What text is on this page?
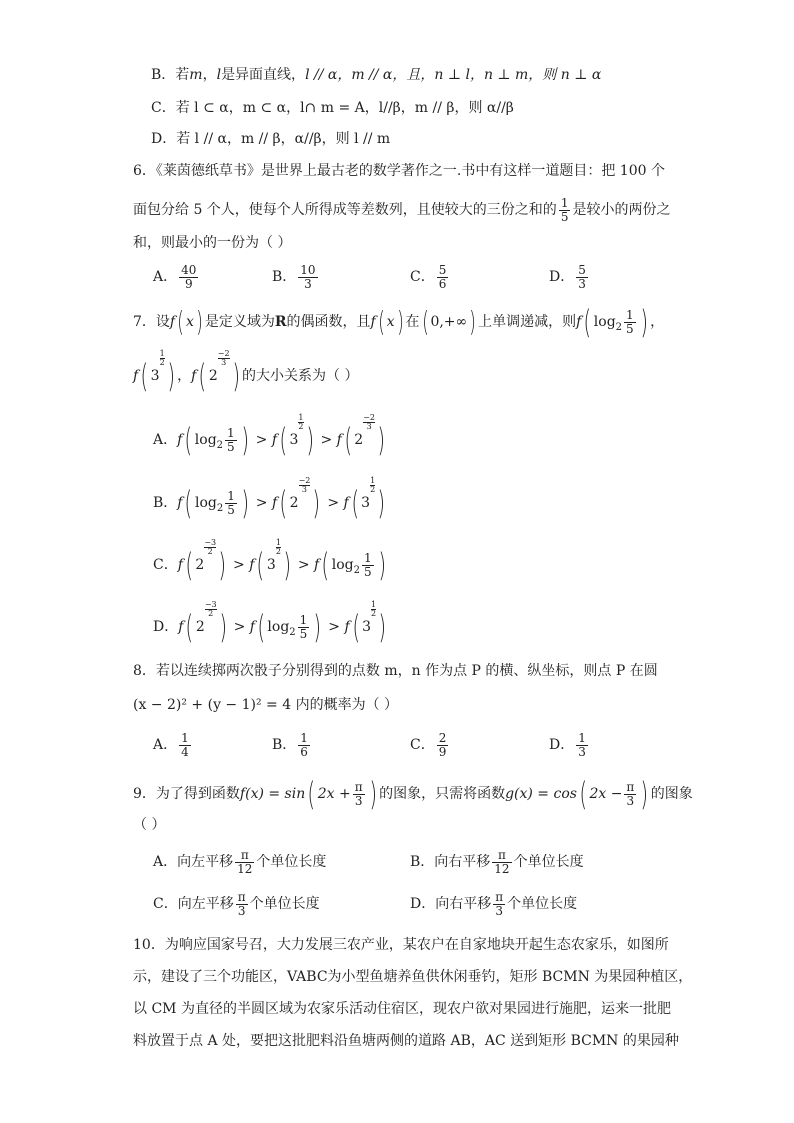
B．若m，l是异面直线，l // α，m // α，且，n ⊥ l，n ⊥ m，则 n ⊥ α
C．若 l ⊂ α，m ⊂ α，l∩ m = A，l//β，m // β，则 α//β
D．若 l // α，m // β，α//β，则 l // m
6．《莱茵德纸草书》是世界上最古老的数学著作之一.书中有这样一道题目：把 100 个
面包分给 5 个人，使每个人所得成等差数列，且使较大的三份之和的 $\frac{1}{5}$ 是较小的两份之
和，则最小的一份为（ ）
A． $\frac{40}{9}$	B． $\frac{10}{3}$	C． $\frac{5}{6}$	D． $\frac{5}{3}$
7．设f( x) 是定义域为R的偶函数，且f( x) 在( 0,+∞) 上单调递减，则f( $\log_2 \frac{1}{5}$ ) ，
f( $3\frac{1}{2}$ ) ，f( $2\frac{-2}{3}$ ) 的大小关系为（ ）
A．f( $\log_2 \frac{1}{5}$ ) > f( $3\frac{1}{2}$ ) > f( $2\frac{-2}{3}$ )
B．f( $\log_2 \frac{1}{5}$ ) > f( $2\frac{-2}{3}$ ) > f( $3\frac{1}{2}$ )
C．f( $2\frac{-3}{2}$ ) > f( $3\frac{1}{2}$ ) > f( $\log_2 \frac{1}{5}$ )
D．f( $2\frac{-3}{2}$ ) > f( $\log_2 \frac{1}{5}$ ) > f( $3\frac{1}{2}$ )
8．若以连续掷两次骰子分别得到的点数 m，n 作为点 P 的横、纵坐标，则点 P 在圆
(x − 2)² + (y − 1)² = 4 内的概率为（ ）
A． $\frac{1}{4}$	B． $\frac{1}{6}$	C． $\frac{2}{9}$	D． $\frac{1}{3}$
9．为了得到函数f(x) = sin( $2x + \frac{\pi}{3}$ ) 的图象，只需将函数g(x) = cos( $2x - \frac{\pi}{3}$ ) 的图象
（ ）
A．向左平移 $\frac{\pi}{12}$ 个单位长度	B．向右平移 $\frac{\pi}{12}$ 个单位长度
C．向左平移 $\frac{\pi}{3}$ 个单位长度	D．向右平移 $\frac{\pi}{3}$ 个单位长度
10．为响应国家号召，大力发展三农产业，某农户在自家地块开起生态农家乐，如图所
示，建设了三个功能区，VABC为小型鱼塘养鱼供休闲垂钓，矩形 BCMN 为果园种植区，
以 CM 为直径的半圆区域为农家乐活动住宿区，现农户欲对果园进行施肥，运来一批肥
料放置于点 A 处，要把这批肥料沿鱼塘两侧的道路 AB，AC 送到矩形 BCMN 的果园种
